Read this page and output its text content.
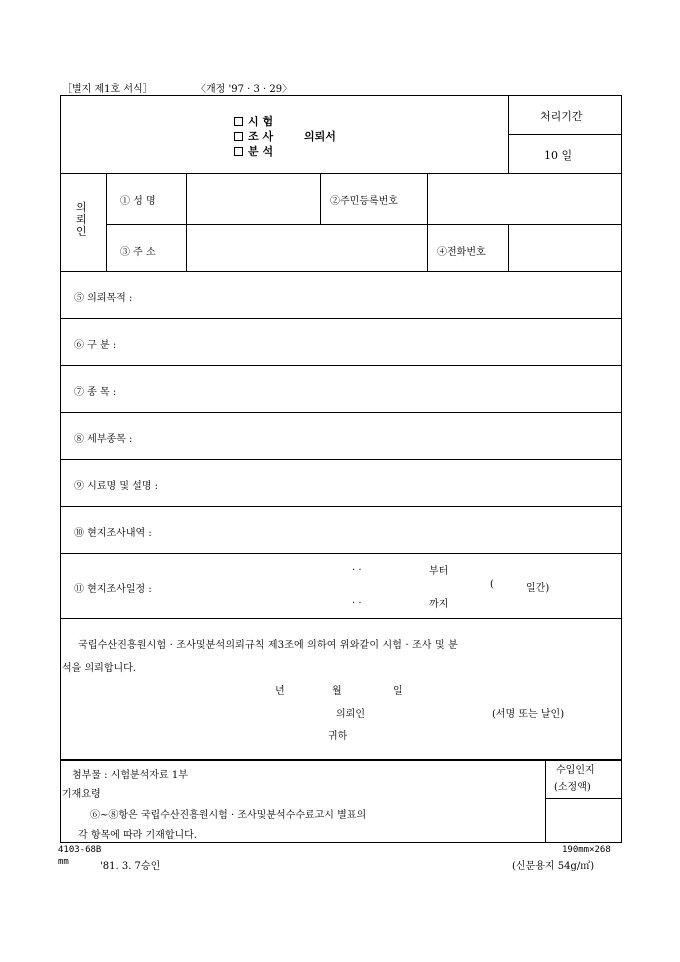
［별지 제1호 서식］	〈개정 '97 · 3 · 29〉
시 험
조 사
분 석
의뢰서
처리기간
10 일
의뢰인
① 성 명	②주민등록번호
③ 주 소	④전화번호
⑤ 의뢰목적 :
⑥ 구 분 :
⑦ 종 목 :
⑧ 세부종목 :
⑨ 시료명 및 설명 :
⑩ 현지조사내역 :
⑪ 현지조사일정 :
. .	부터
. .	까지
(	일간)
국립수산진흥원시험 · 조사및분석의뢰규칙 제3조에 의하여 위와같이 시험 · 조사 및 분
석을 의뢰합니다.
년	월	일
의뢰인	(서명 또는 날인)
귀하
첨부물 : 시험분석자료 1부
기재요령
⑥~⑧항은 국립수산진흥원시험 · 조사및분석수수료고시 별표의
각 항목에 따라 기재합니다.
수입인지
(소정액)
4103-68B
mm	'81. 3. 7승인
190mm×268
(신문용지 54g/㎡)
